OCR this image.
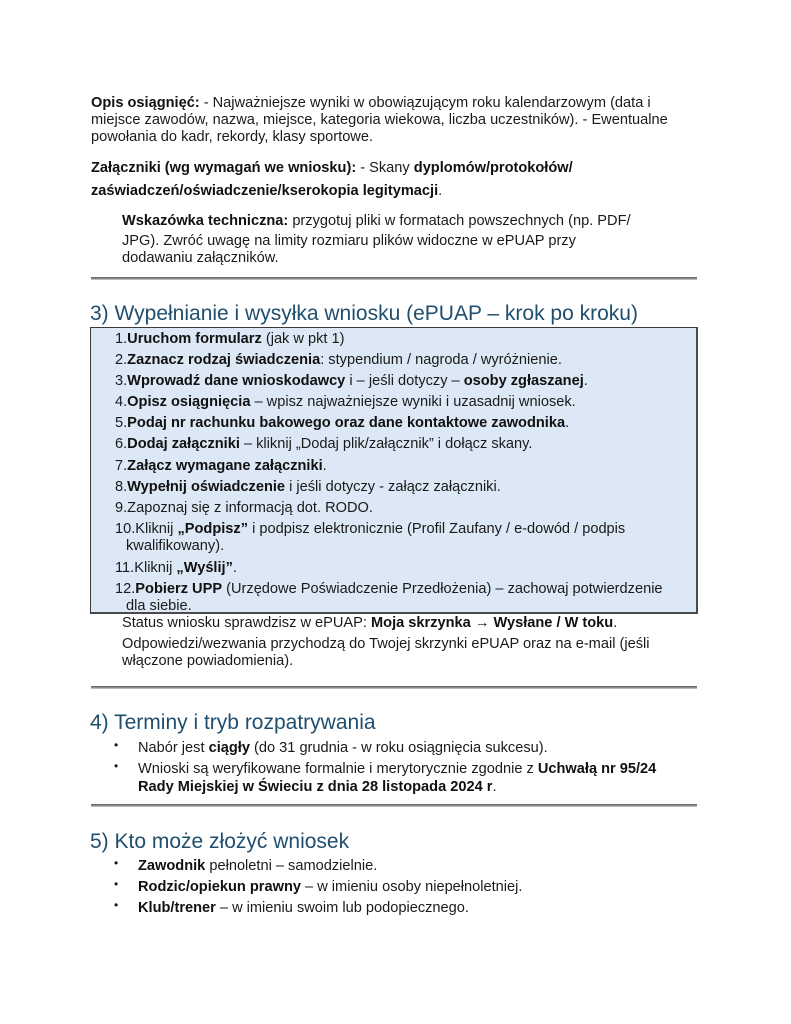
Opis osiągnięć: - Najważniejsze wyniki w obowiązującym roku kalendarzowym (data i miejsce zawodów, nazwa, miejsce, kategoria wiekowa, liczba uczestników). - Ewentualne powołania do kadr, rekordy, klasy sportowe.

Załączniki (wg wymagań we wniosku): - Skany dyplomów/protokołów/
zaświadczeń/oświadczenie/kserokopia legitymacji.

Wskazówka techniczna: przygotuj pliki w formatach powszechnych (np. PDF/
JPG). Zwróć uwagę na limity rozmiaru plików widoczne w ePUAP przy dodawaniu załączników.

3) Wypełnianie i wysyłka wniosku (ePUAP – krok po kroku)
1.Uruchom formularz (jak w pkt 1)
2.Zaznacz rodzaj świadczenia: stypendium / nagroda / wyróżnienie.
3.Wprowadź dane wnioskodawcy i – jeśli dotyczy – osoby zgłaszanej.
4.Opisz osiągnięcia – wpisz najważniejsze wyniki i uzasadnij wniosek.
5.Podaj nr rachunku bakowego oraz dane kontaktowe zawodnika.
6.Dodaj załączniki – kliknij „Dodaj plik/załącznik” i dołącz skany.
7.Załącz wymagane załączniki.
8.Wypełnij oświadczenie i jeśli dotyczy - załącz załączniki.
9.Zapoznaj się z informacją dot. RODO.
10.Kliknij „Podpisz” i podpisz elektronicznie (Profil Zaufany / e-dowód / podpis
kwalifikowany).
11.Kliknij „Wyślij”.
12.Pobierz UPP (Urzędowe Poświadczenie Przedłożenia) – zachowaj potwierdzenie
dla siebie.

Status wniosku sprawdzisz w ePUAP: Moja skrzynka → Wysłane / W toku.

Odpowiedzi/wezwania przychodzą do Twojej skrzynki ePUAP oraz na e-mail (jeśli włączone powiadomienia).

4) Terminy i tryb rozpatrywania
• Nabór jest ciągły (do 31 grudnia - w roku osiągnięcia sukcesu).
• Wnioski są weryfikowane formalnie i merytorycznie zgodnie z Uchwałą nr 95/24
Rady Miejskiej w Świeciu z dnia 28 listopada 2024 r.
5) Kto może złożyć wniosek
• Zawodnik pełnoletni – samodzielnie.
• Rodzic/opiekun prawny – w imieniu osoby niepełnoletniej.
• Klub/trener – w imieniu swoim lub podopiecznego.
